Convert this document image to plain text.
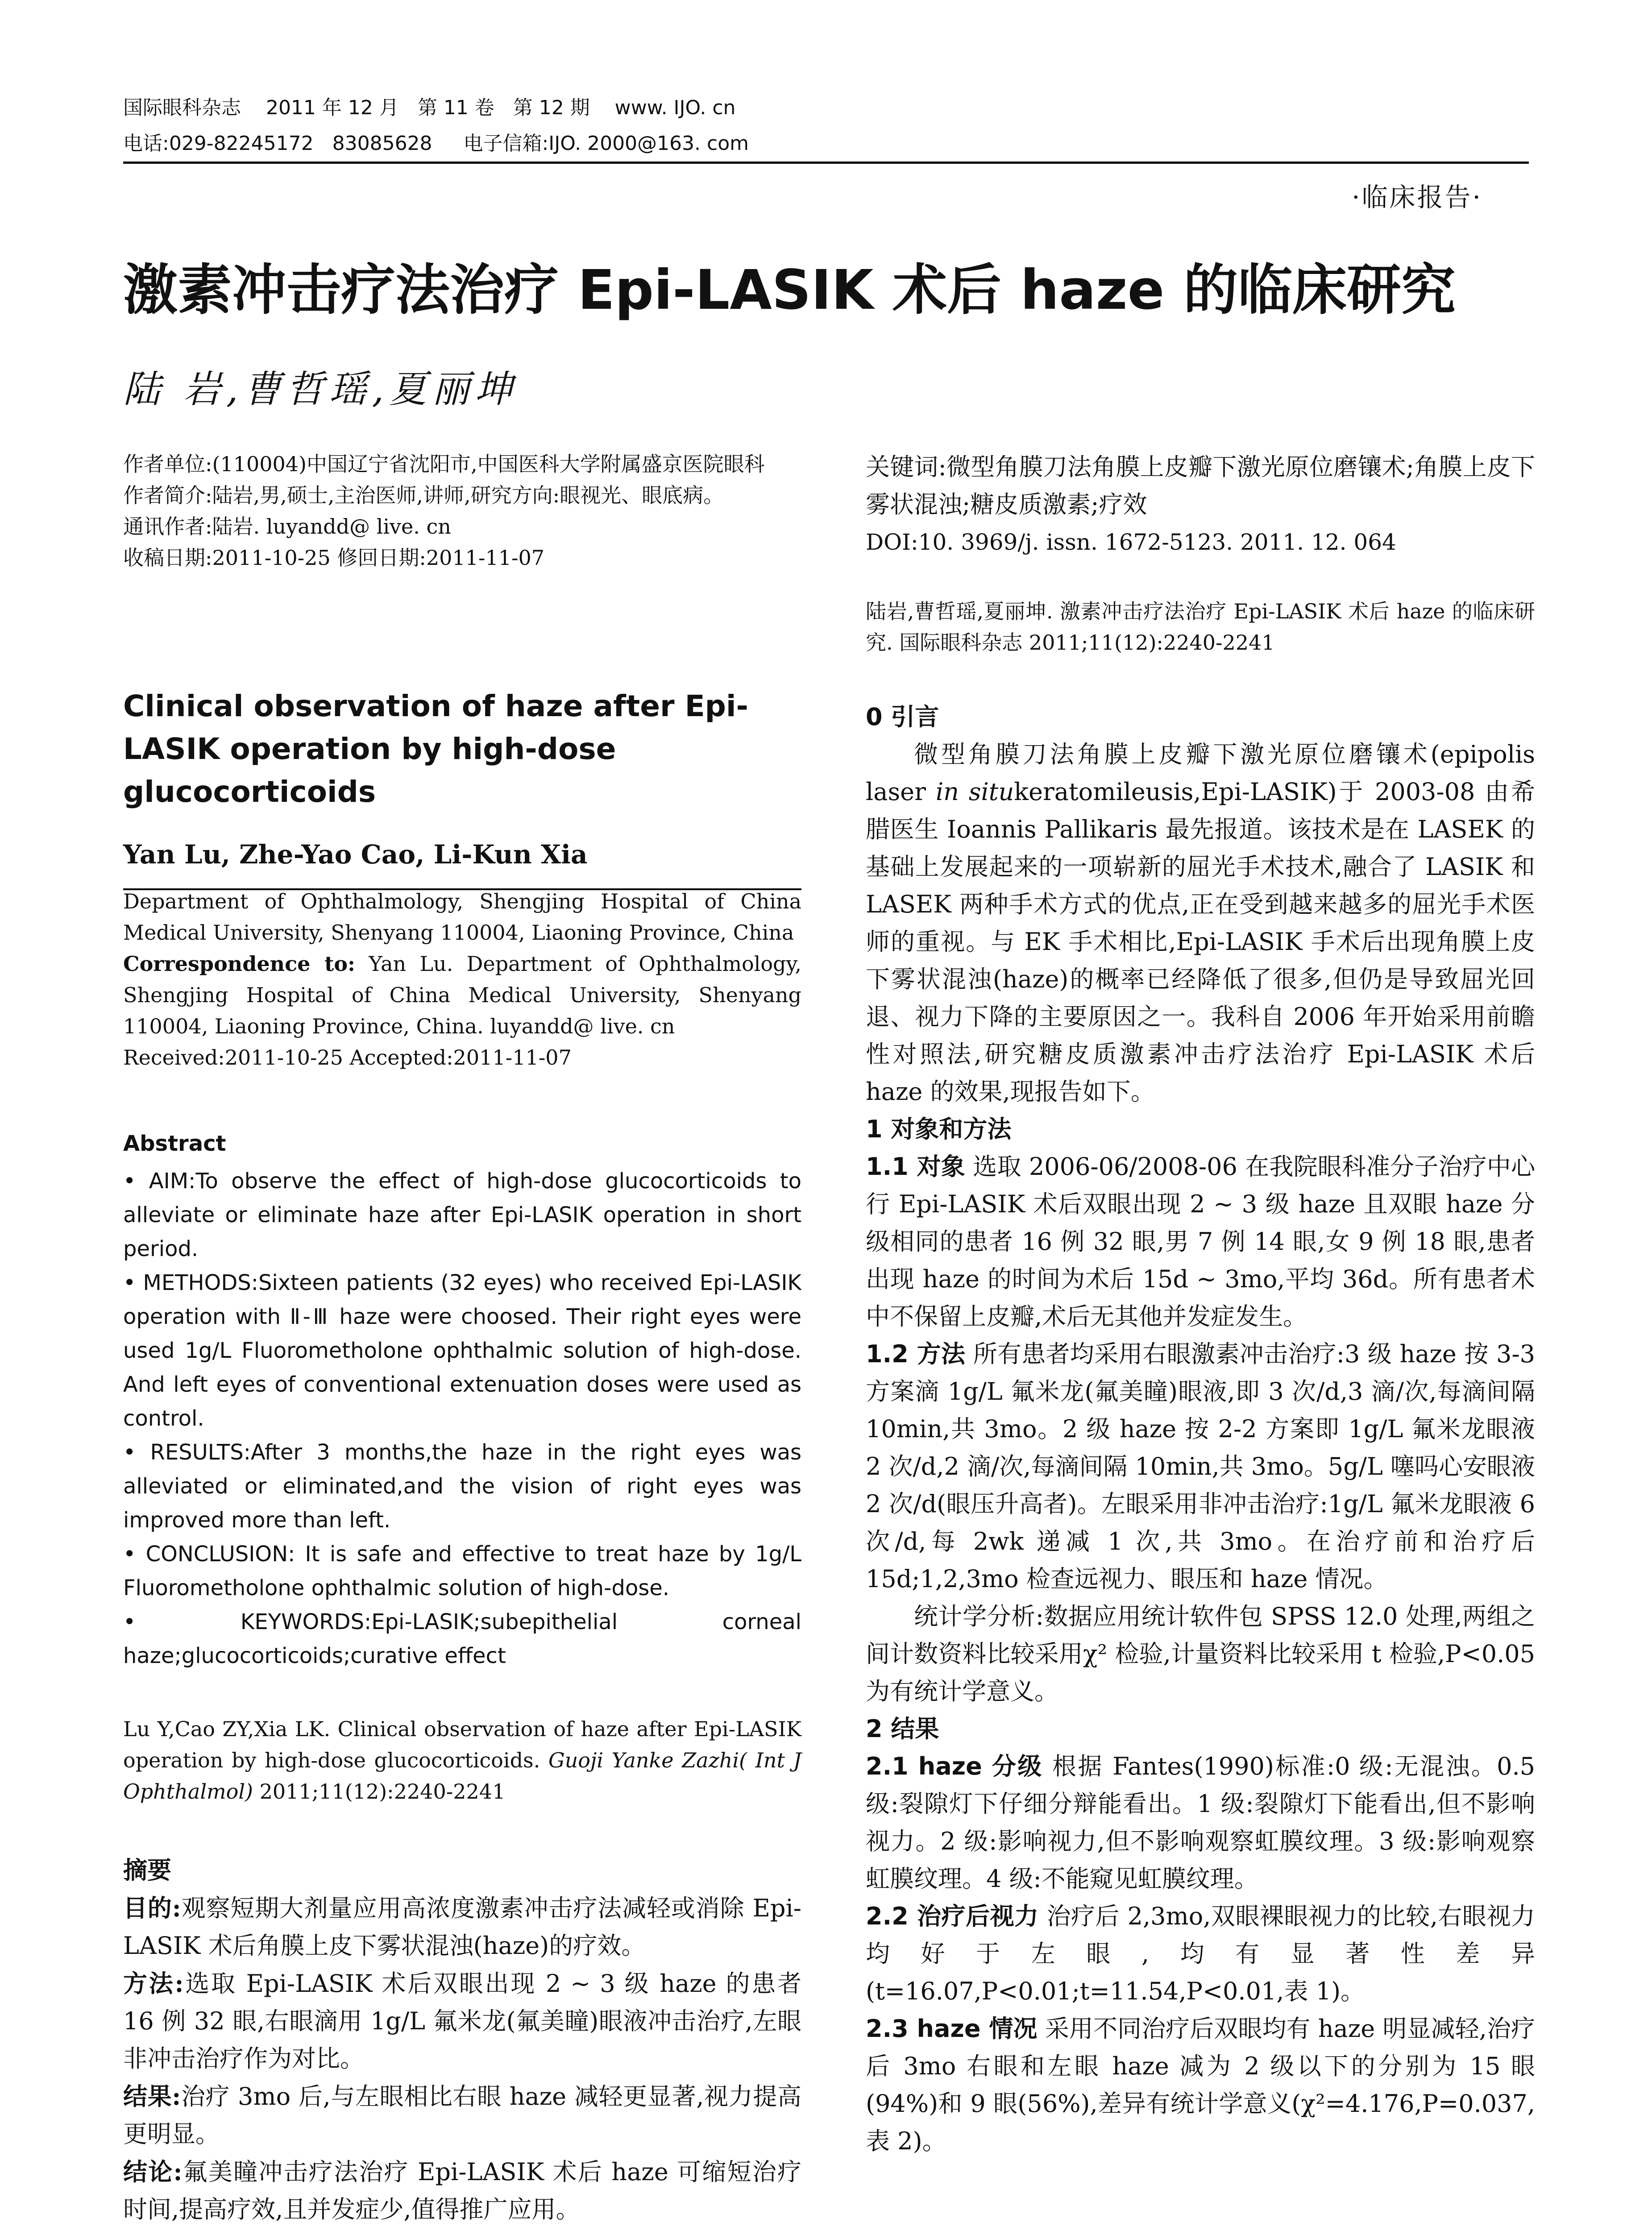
国际眼科杂志    2011 年 12 月   第 11 卷   第 12 期    www. IJO. cn
电话:029-82245172   83085628     电子信箱:IJO. 2000@163. com
·临床报告·
激素冲击疗法治疗 Epi-LASIK 术后 haze 的临床研究
陆 岩,曹哲瑶,夏丽坤

作者单位:(110004)中国辽宁省沈阳市,中国医科大学附属盛京医院眼科

作者简介:陆岩,男,硕士,主治医师,讲师,研究方向:眼视光、眼底病。

通讯作者:陆岩. luyandd@ live. cn

收稿日期:2011-10-25 修回日期:2011-11-07

Clinical observation of haze after Epi-LASIK operation by high-dose glucocorticoids

Yan Lu, Zhe-Yao Cao, Li-Kun Xia

Department of Ophthalmology, Shengjing Hospital of China Medical University, Shenyang 110004, Liaoning Province, China

Correspondence to: Yan Lu. Department of Ophthalmology, Shengjing Hospital of China Medical University, Shenyang 110004, Liaoning Province, China. luyandd@ live. cn

Received:2011-10-25 Accepted:2011-11-07

Abstract

• AIM:To observe the effect of high-dose glucocorticoids to alleviate or eliminate haze after Epi-LASIK operation in short period.

• METHODS:Sixteen patients (32 eyes) who received Epi-LASIK operation with Ⅱ-Ⅲ haze were choosed. Their right eyes were used 1g/L Fluorometholone ophthalmic solution of high-dose. And left eyes of conventional extenuation doses were used as control.

• RESULTS:After 3 months,the haze in the right eyes was alleviated or eliminated,and the vision of right eyes was improved more than left.

• CONCLUSION: It is safe and effective to treat haze by 1g/L Fluorometholone ophthalmic solution of high-dose.

• KEYWORDS:Epi-LASIK;subepithelial corneal haze;glucocorticoids;curative effect

Lu Y,Cao ZY,Xia LK. Clinical observation of haze after Epi-LASIK operation by high-dose glucocorticoids. Guoji Yanke Zazhi( Int J Ophthalmol) 2011;11(12):2240-2241

摘要

目的:观察短期大剂量应用高浓度激素冲击疗法减轻或消除 Epi-LASIK 术后角膜上皮下雾状混浊(haze)的疗效。

方法:选取 Epi-LASIK 术后双眼出现 2 ~ 3 级 haze 的患者 16 例 32 眼,右眼滴用 1g/L 氟米龙(氟美瞳)眼液冲击治疗,左眼非冲击治疗作为对比。

结果:治疗 3mo 后,与左眼相比右眼 haze 减轻更显著,视力提高更明显。

结论:氟美瞳冲击疗法治疗 Epi-LASIK 术后 haze 可缩短治疗时间,提高疗效,且并发症少,值得推广应用。

关键词:微型角膜刀法角膜上皮瓣下激光原位磨镶术;角膜上皮下雾状混浊;糖皮质激素;疗效

DOI:10. 3969/j. issn. 1672-5123. 2011. 12. 064

陆岩,曹哲瑶,夏丽坤. 激素冲击疗法治疗 Epi-LASIK 术后 haze 的临床研究. 国际眼科杂志 2011;11(12):2240-2241

0 引言

微型角膜刀法角膜上皮瓣下激光原位磨镶术(epipolis laser in situkeratomileusis,Epi-LASIK)于 2003-08 由希腊医生 Ioannis Pallikaris 最先报道。该技术是在 LASEK 的基础上发展起来的一项崭新的屈光手术技术,融合了 LASIK 和 LASEK 两种手术方式的优点,正在受到越来越多的屈光手术医师的重视。与 EK 手术相比,Epi-LASIK 手术后出现角膜上皮下雾状混浊(haze)的概率已经降低了很多,但仍是导致屈光回退、视力下降的主要原因之一。我科自 2006 年开始采用前瞻性对照法,研究糖皮质激素冲击疗法治疗 Epi-LASIK 术后 haze 的效果,现报告如下。

1 对象和方法

1.1 对象 选取 2006-06/2008-06 在我院眼科准分子治疗中心行 Epi-LASIK 术后双眼出现 2 ~ 3 级 haze 且双眼 haze 分级相同的患者 16 例 32 眼,男 7 例 14 眼,女 9 例 18 眼,患者出现 haze 的时间为术后 15d ~ 3mo,平均 36d。所有患者术中不保留上皮瓣,术后无其他并发症发生。

1.2 方法 所有患者均采用右眼激素冲击治疗:3 级 haze 按 3-3 方案滴 1g/L 氟米龙(氟美瞳)眼液,即 3 次/d,3 滴/次,每滴间隔 10min,共 3mo。2 级 haze 按 2-2 方案即 1g/L 氟米龙眼液 2 次/d,2 滴/次,每滴间隔 10min,共 3mo。5g/L 噻吗心安眼液 2 次/d(眼压升高者)。左眼采用非冲击治疗:1g/L 氟米龙眼液 6 次/d,每 2wk 递减 1 次,共 3mo。在治疗前和治疗后 15d;1,2,3mo 检查远视力、眼压和 haze 情况。

统计学分析:数据应用统计软件包 SPSS 12.0 处理,两组之间计数资料比较采用χ² 检验,计量资料比较采用 t 检验,P<0.05 为有统计学意义。

2 结果

2.1 haze 分级 根据 Fantes(1990)标准:0 级:无混浊。0.5 级:裂隙灯下仔细分辩能看出。1 级:裂隙灯下能看出,但不影响视力。2 级:影响视力,但不影响观察虹膜纹理。3 级:影响观察虹膜纹理。4 级:不能窥见虹膜纹理。

2.2 治疗后视力 治疗后 2,3mo,双眼裸眼视力的比较,右眼视力均好于左眼,均有显著性差异(t=16.07,P<0.01;t=11.54,P<0.01,表 1)。

2.3 haze 情况 采用不同治疗后双眼均有 haze 明显减轻,治疗后 3mo 右眼和左眼 haze 减为 2 级以下的分别为 15 眼(94%)和 9 眼(56%),差异有统计学意义(χ²=4.176,P=0.037,表 2)。
